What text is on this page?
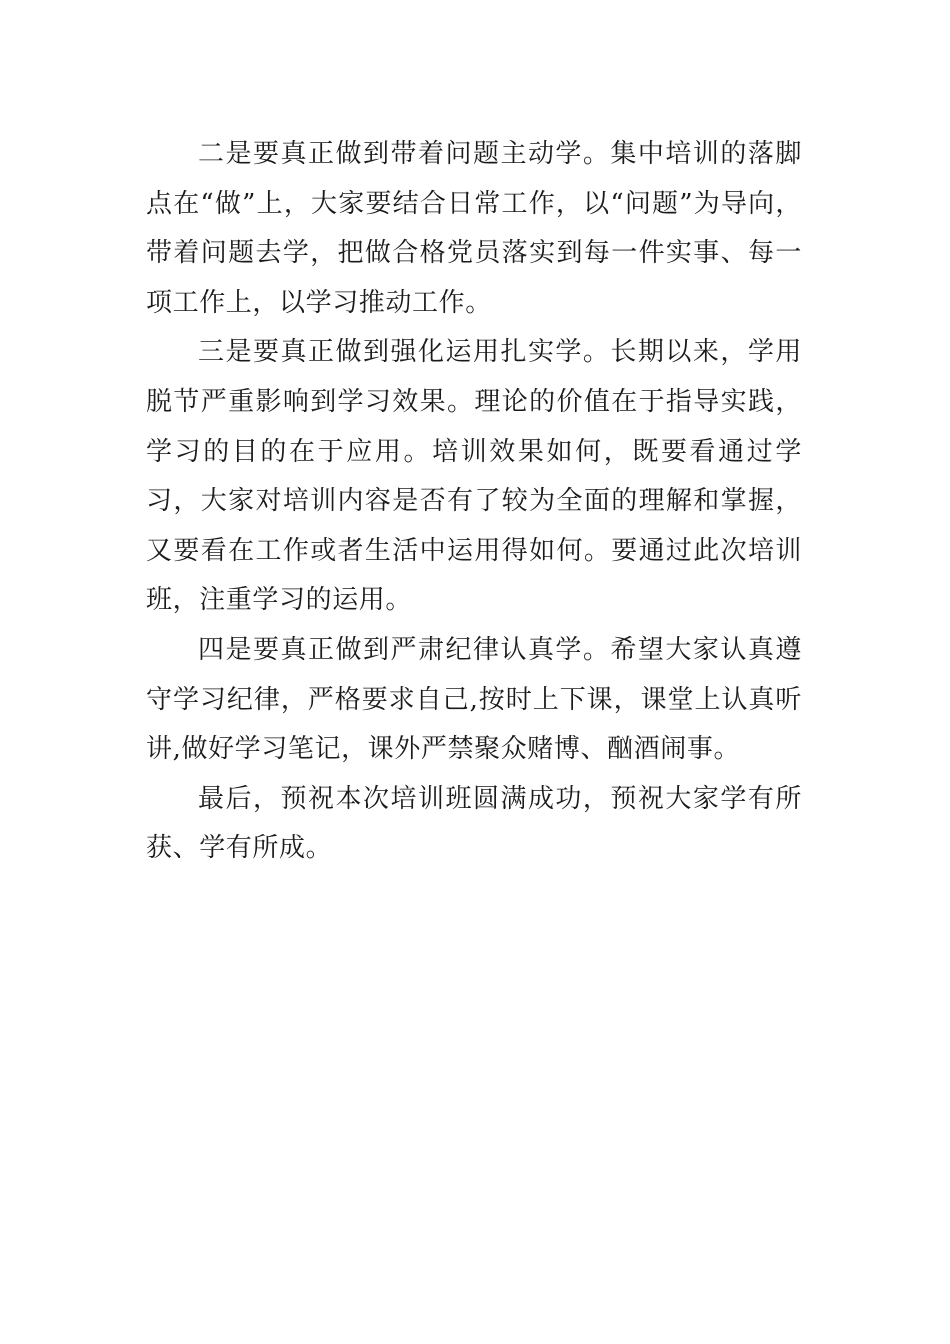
二是要真正做到带着问题主动学。集中培训的落脚点在“做”上，大家要结合日常工作，以“问题”为导向，带着问题去学，把做合格党员落实到每一件实事、每一项工作上，以学习推动工作。

三是要真正做到强化运用扎实学。长期以来，学用脱节严重影响到学习效果。理论的价值在于指导实践，学习的目的在于应用。培训效果如何，既要看通过学习，大家对培训内容是否有了较为全面的理解和掌握，又要看在工作或者生活中运用得如何。要通过此次培训班，注重学习的运用。

四是要真正做到严肃纪律认真学。希望大家认真遵守学习纪律，严格要求自己,按时上下课，课堂上认真听讲,做好学习笔记，课外严禁聚众赌博、酗酒闹事。

最后，预祝本次培训班圆满成功，预祝大家学有所获、学有所成。
